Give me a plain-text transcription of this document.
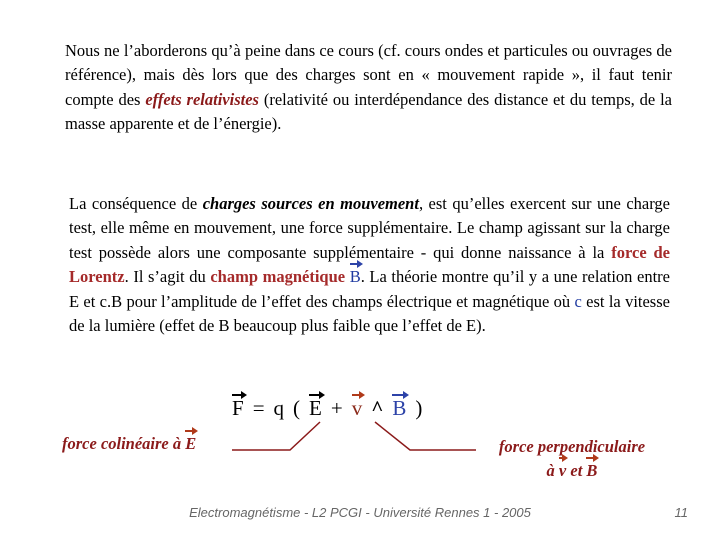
Nous ne l’aborderons qu’à peine dans ce cours (cf. cours ondes et particules ou ouvrages de référence), mais dès lors que des charges sont en « mouvement rapide », il faut tenir compte des effets relativistes (relativité ou interdépendance des distance et du temps, de la masse apparente et de l’énergie).

La conséquence de charges sources en mouvement, est qu’elles exercent sur une charge test, elle même en mouvement, une force supplémentaire. Le champ agissant sur la charge test possède alors une composante supplémentaire - qui donne naissance à la force de Lorentz. Il s’agit du champ magnétique B. La théorie montre qu’il y a une relation entre E et c.B pour l’amplitude de l’effet des champs électrique et magnétique où c est la vitesse de la lumière (effet de B beaucoup plus faible que l’effet de E).

F = q ( E + v ^ B )
force colinéaire à E	force perpendiculaire
à v et B
Electromagnétisme - L2 PCGI - Université Rennes 1 - 2005	11
